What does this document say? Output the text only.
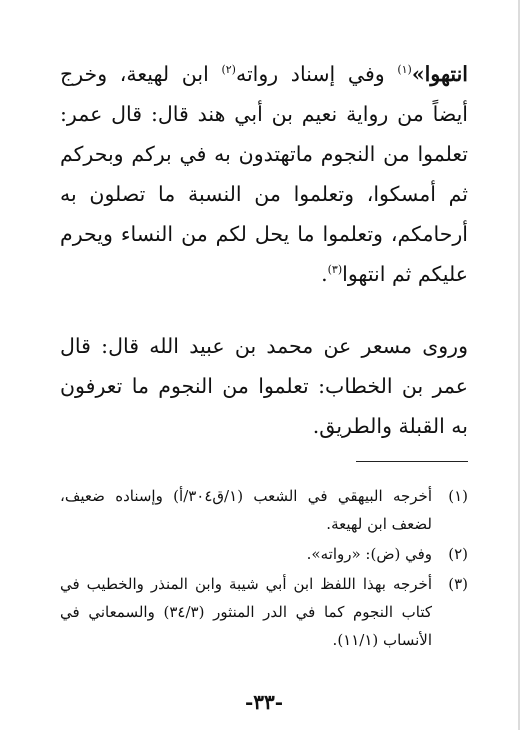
انتهوا»$^{(١)}$ وفي إسناد رواته$^{(٢)}$ ابن لهيعة، وخرج أيضاً من رواية نعيم بن أبي هند قال: قال عمر: تعلموا من النجوم ماتهتدون به في بركم وبحركم ثم أمسكوا، وتعلموا من النسبة ما تصلون به أرحامكم، وتعلموا ما يحل لكم من النساء ويحرم عليكم ثم انتهوا$^{(٣)}$.

وروى مسعر عن محمد بن عبيد الله قال: قال عمر بن الخطاب: تعلموا من النجوم ما تعرفون به القبلة والطريق.

(١)
أخرجه البيهقي في الشعب (١/ق٣٠٤/أ) وإسناده ضعيف، لضعف ابن لهيعة.
(٢)
وفي (ض): «رواته».
(٣)
أخرجه بهذا اللفظ ابن أبي شيبة وابن المنذر والخطيب في كتاب النجوم كما في الدر المنثور (٣٤/٣) والسمعاني في الأنساب (١١/١).
-٣٣-
